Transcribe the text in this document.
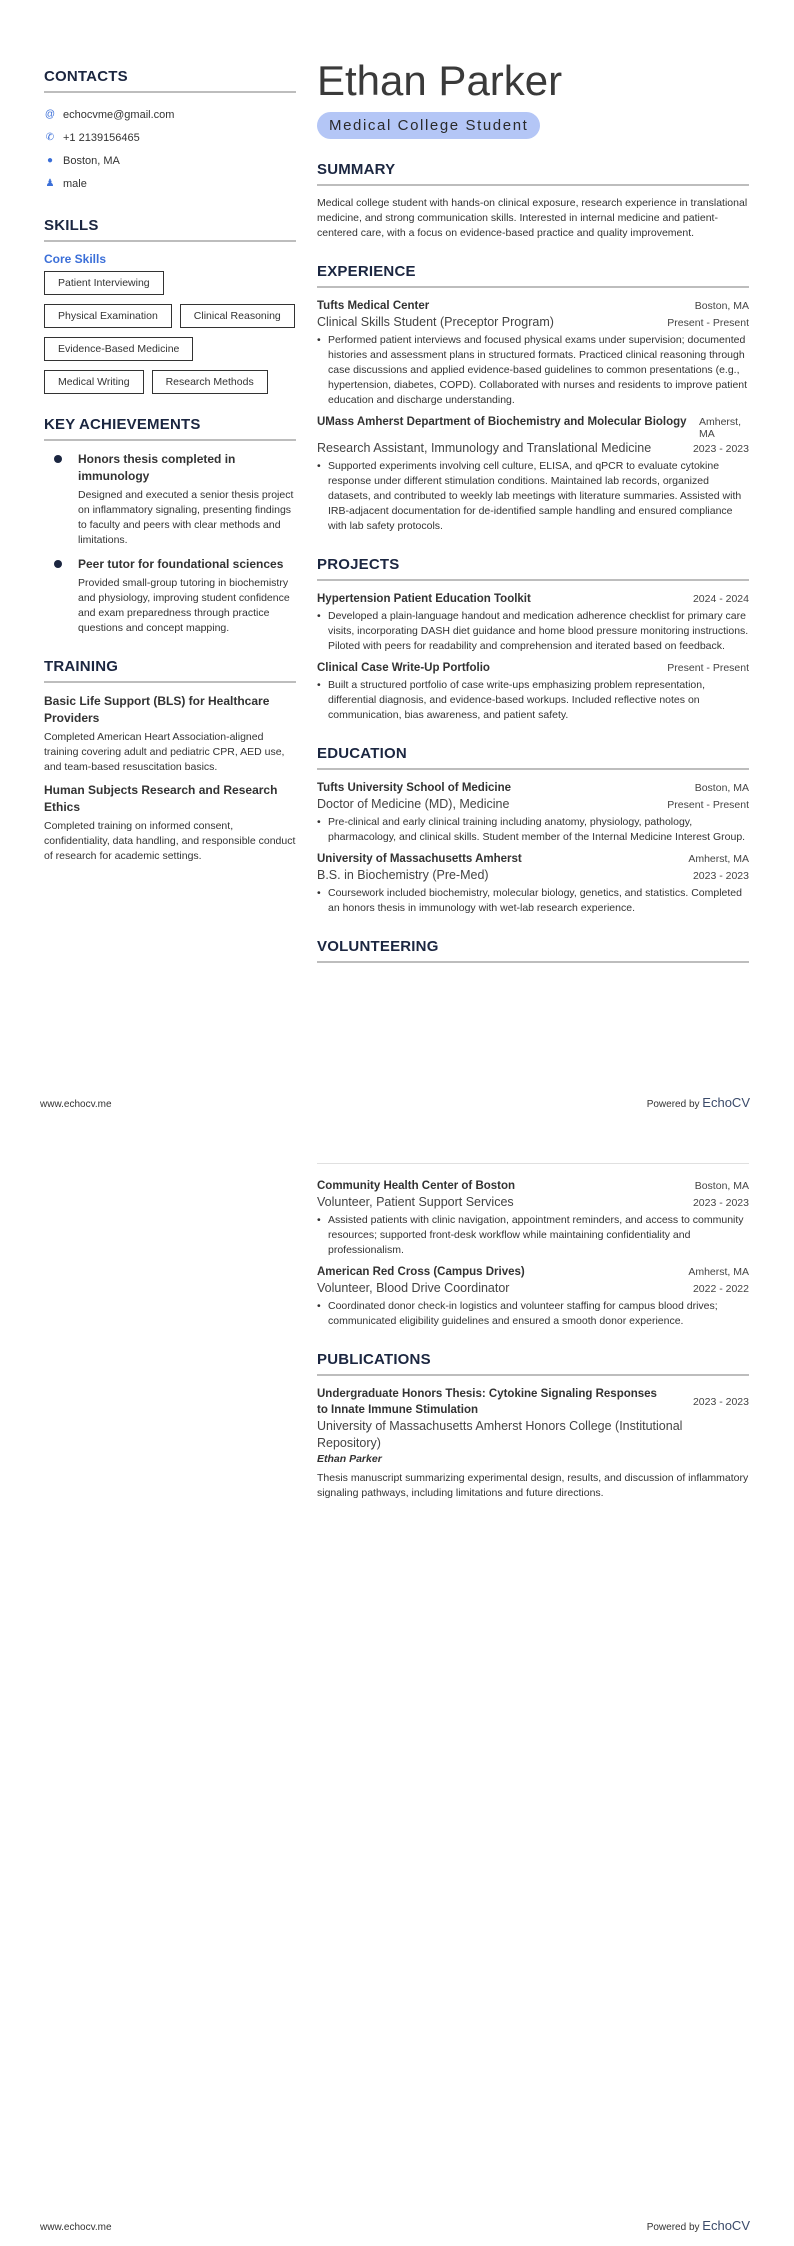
CONTACTS
@ echocvme@gmail.com
✆ +1 2139156465
● Boston, MA
♟ male
SKILLS
Core Skills
Patient Interviewing
Physical Examination	Clinical Reasoning
Evidence-Based Medicine
Medical Writing	Research Methods
KEY ACHIEVEMENTS
Honors thesis completed in immunology

Designed and executed a senior thesis project on inflammatory signaling, presenting findings to faculty and peers with clear methods and limitations.

Peer tutor for foundational sciences

Provided small-group tutoring in biochemistry and physiology, improving student confidence and exam preparedness through practice questions and concept mapping.

TRAINING
Basic Life Support (BLS) for Healthcare Providers

Completed American Heart Association-aligned training covering adult and pediatric CPR, AED use, and team-based resuscitation basics.

Human Subjects Research and Research Ethics

Completed training on informed consent, confidentiality, data handling, and responsible conduct of research for academic settings.

Ethan Parker
Medical College Student
SUMMARY

Medical college student with hands-on clinical exposure, research experience in translational medicine, and strong communication skills. Interested in internal medicine and patient-centered care, with a focus on evidence-based practice and quality improvement.

EXPERIENCE
Tufts Medical Center	Boston, MA
Clinical Skills Student (Preceptor Program)	Present - Present
• Performed patient interviews and focused physical exams under supervision; documented histories and assessment plans in structured formats. Practiced clinical reasoning through case discussions and applied evidence-based guidelines to common presentations (e.g., hypertension, diabetes, COPD). Collaborated with nurses and residents to improve patient education and discharge understanding.
UMass Amherst Department of Biochemistry and Molecular Biology Amherst, MA
Research Assistant, Immunology and Translational Medicine	2023 - 2023
• Supported experiments involving cell culture, ELISA, and qPCR to evaluate cytokine response under different stimulation conditions. Maintained lab records, organized datasets, and contributed to weekly lab meetings with literature summaries. Assisted with IRB-adjacent documentation for de-identified sample handling and ensured compliance with lab safety protocols.
PROJECTS
Hypertension Patient Education Toolkit	2024 - 2024
• Developed a plain-language handout and medication adherence checklist for primary care visits, incorporating DASH diet guidance and home blood pressure monitoring instructions. Piloted with peers for readability and comprehension and iterated based on feedback.
Clinical Case Write-Up Portfolio	Present - Present
• Built a structured portfolio of case write-ups emphasizing problem representation, differential diagnosis, and evidence-based workups. Included reflective notes on communication, bias awareness, and patient safety.
EDUCATION
Tufts University School of Medicine	Boston, MA
Doctor of Medicine (MD), Medicine	Present - Present
• Pre-clinical and early clinical training including anatomy, physiology, pathology, pharmacology, and clinical skills. Student member of the Internal Medicine Interest Group.
University of Massachusetts Amherst	Amherst, MA
B.S. in Biochemistry (Pre-Med)	2023 - 2023
• Coursework included biochemistry, molecular biology, genetics, and statistics. Completed an honors thesis in immunology with wet-lab research experience.
VOLUNTEERING
www.echocv.me	Powered by EchoCV
Community Health Center of Boston	Boston, MA
Volunteer, Patient Support Services	2023 - 2023
• Assisted patients with clinic navigation, appointment reminders, and access to community resources; supported front-desk workflow while maintaining confidentiality and professionalism.
American Red Cross (Campus Drives)	Amherst, MA
Volunteer, Blood Drive Coordinator	2022 - 2022
• Coordinated donor check-in logistics and volunteer staffing for campus blood drives; communicated eligibility guidelines and ensured a smooth donor experience.
PUBLICATIONS
Undergraduate Honors Thesis: Cytokine Signaling Responses to Innate Immune Stimulation
2023 - 2023
University of Massachusetts Amherst Honors College (Institutional Repository)
Ethan Parker

Thesis manuscript summarizing experimental design, results, and discussion of inflammatory signaling pathways, including limitations and future directions.

www.echocv.me	Powered by EchoCV
